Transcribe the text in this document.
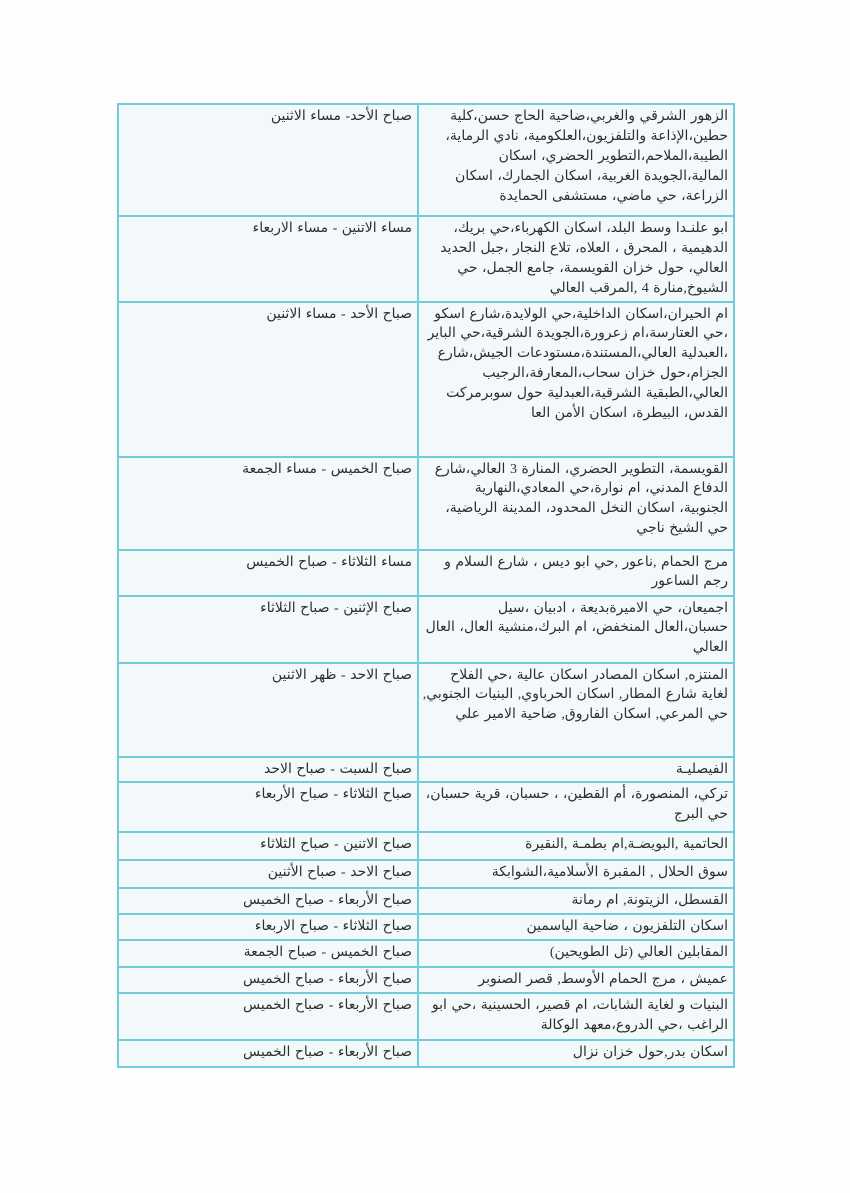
الزهور الشرقي والغربي،ضاحية الحاج حسن،كلية حطين،الإذاعة والتلفزيون،العلكومية، نادي الرماية، الطيبة،الملاحم،التطوير الحضري، اسكان المالية،الجويدة الغربية، اسكان الجمارك، اسكان الزراعة، حي ماضي، مستشفى الحمايدة	صباح الأحد- مساء الاثنين
ابو علنـدا وسط البلد، اسكان الكهرباء،حي بريك، الدهيمية ، المحرق ، العلاه، تلاع النجار ،جبل الحديد العالي، حول خزان القويسمة، جامع الجمل، حي الشيوخ,منارة 4 ,المرقب العالي	مساء الاتنين - مساء الاربعاء
ام الحيران،اسكان الداخلية،حي الولايدة،شارع اسكو ،حي العتارسة،ام زعرورة،الجويدة الشرقية،حي الباير ،العبدلية العالي،المستندة،مستودعات الجيش،شارع الجزام،حول خزان سحاب،المعارفة،الرجيب العالي،الطبقية الشرقية،العبدلية حول سوبرمركت القدس، البيطرة، اسكان الأمن العا	صباح الأحد - مساء الاثنين
القويسمة، التطوير الحضري، المنارة 3 العالي،شارع الدفاع المدني، ام نوارة،حي المعادي،النهارية الجنوبية، اسكان النخل المحدود، المدينة الرياضية، حي الشيخ ناجي	صباح الخميس - مساء الجمعة
مرج الحمام ,ناعور ,حي ابو ديس ، شارع السلام و رجم الساعور	مساء الثلاثاء - صباح الخميس
اجميعان، حي الاميرةبديعة ، ادبيان ،سيل حسبان،العال المنخفض، ام البرك،منشية العال، العال العالي	صباح الإثنين - صباح الثلاثاء
المنتزه, اسكان المصادر اسكان عالية ،حي الفلاح لغاية شارع المطار, اسكان الحرباوي, البنيات الجنوبي, حي المرعي, اسكان الفاروق, ضاحية الامير علي	صباح الاحد - ظهر الاثنين
الفيصليـة	صباح السبت - صباح الاحد
تركي، المنصورة، أم القطين، ، حسبان، قرية حسبان، حي البرج	صباح الثلاثاء - صباح الأربعاء
الحاتمية ,البويضـة,ام بطمـة ,النقيرة	صباح الاتنين - صباح الثلاثاء
سوق الحلال , المقبرة الأسلامية،الشوابكة	صباح الاحد - صباح الأثنين
القسطل، الزيتونة, ام رمانة	صباح الأربعاء - صباح الخميس
اسكان التلفزيون ، ضاحية الياسمين	صباح الثلاثاء - صباح الاربعاء
المقابلين العالي (تل الطويحين)	صباح الخميس - صباح الجمعة
عميش ، مرج الحمام الأوسط, قصر الصنوبر	صباح الأربعاء - صباح الخميس
البنيات و لغاية الشابات، ام قصير، الحسينية ،حي ابو الراغب ،حي الدروع،معهد الوكالة	صباح الأربعاء - صباح الخميس
اسكان بدر,حول خزان نزال	صباح الأربعاء - صباح الخميس
